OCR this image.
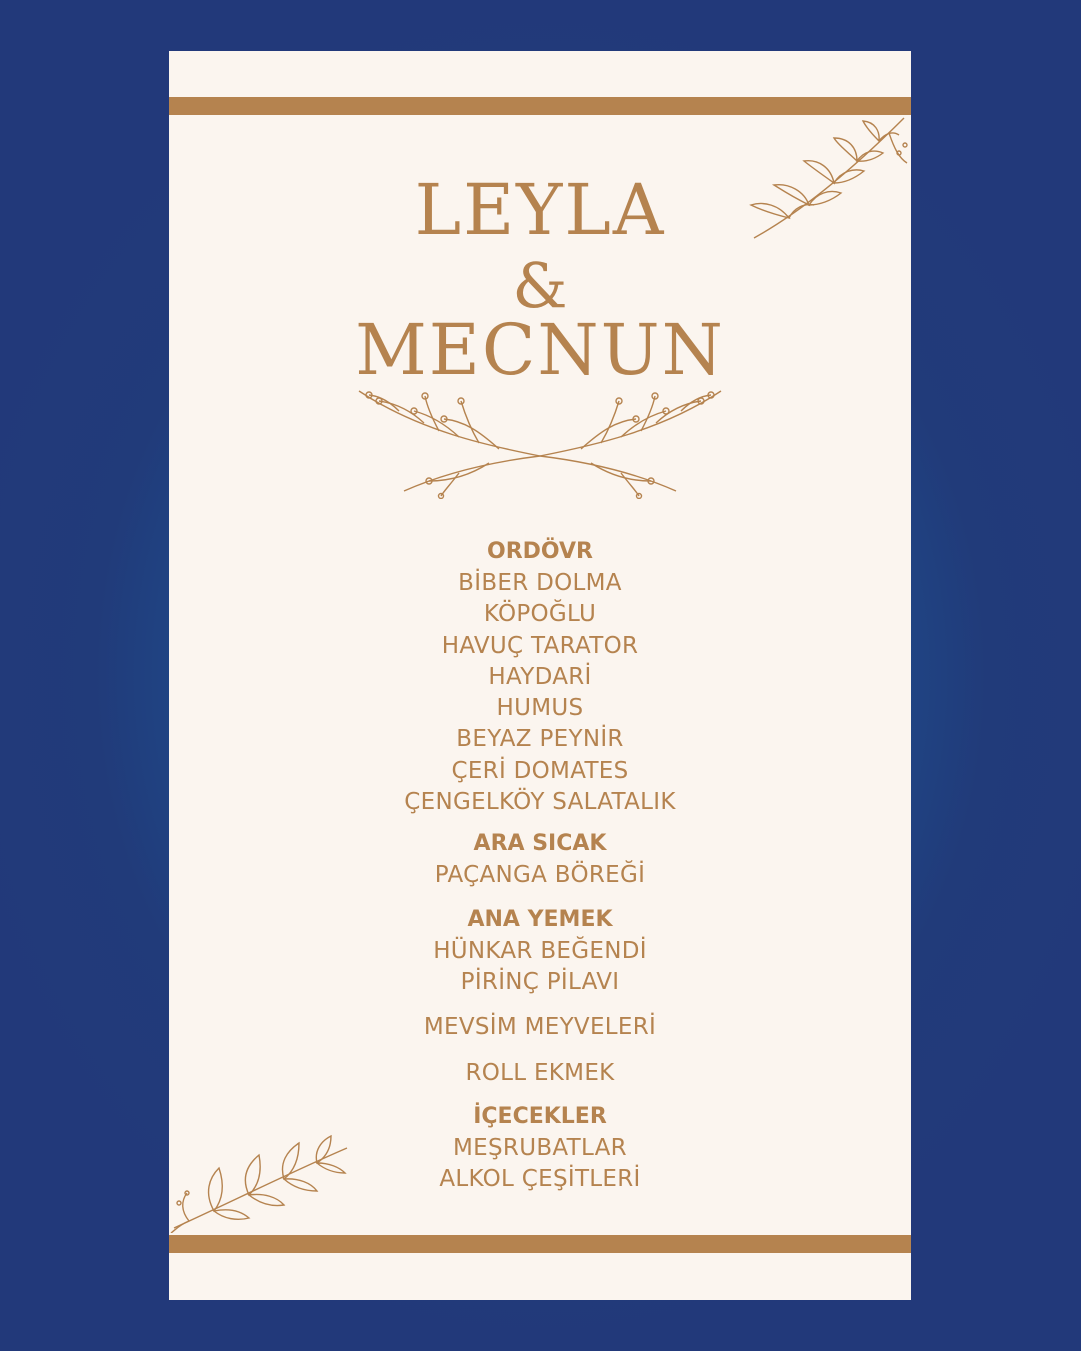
LEYLA
&
MECNUN
ORDÖVR
BİBER DOLMA
KÖPOĞLU
HAVUÇ TARATOR
HAYDARİ
HUMUS
BEYAZ PEYNİR
ÇERİ DOMATES
ÇENGELKÖY SALATALIK
ARA SICAK
PAÇANGA BÖREĞİ
ANA YEMEK
HÜNKAR BEĞENDİ
PİRİNÇ PİLAVI
MEVSİM MEYVELERİ
ROLL EKMEK
İÇECEKLER
MEŞRUBATLAR
ALKOL ÇEŞİTLERİ
